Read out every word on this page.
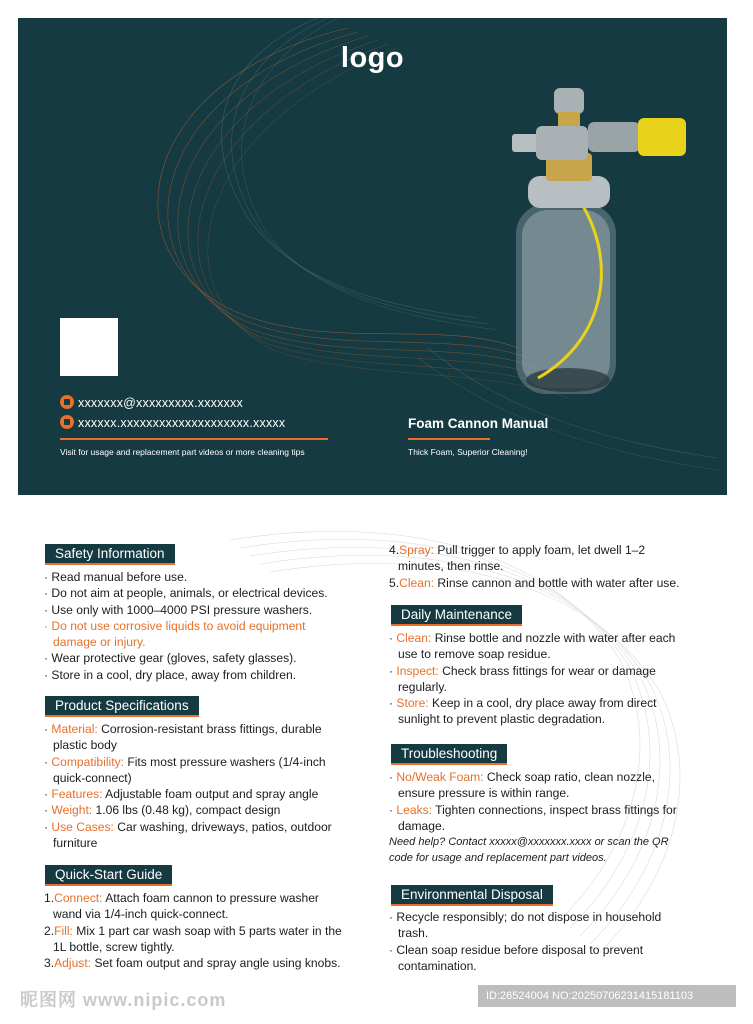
logo
xxxxxxx@xxxxxxxxx.xxxxxxx
xxxxxx.xxxxxxxxxxxxxxxxxxxx.xxxxx
Visit for usage and replacement part videos or more cleaning tips
Foam Cannon Manual
Thick Foam, Superior Cleaning!
Safety Information
· Read manual before use.
· Do not aim at people, animals, or electrical devices.
· Use only with 1000–4000 PSI pressure washers.
· Do not use corrosive liquids to avoid equipment
damage or injury.
· Wear protective gear (gloves, safety glasses).
· Store in a cool, dry place, away from children.
Product Specifications
· Material: Corrosion-resistant brass fittings, durable
plastic body
· Compatibility: Fits most pressure washers (1/4-inch
quick-connect)
· Features: Adjustable foam output and spray angle
· Weight: 1.06 lbs (0.48 kg), compact design
· Use Cases: Car washing, driveways, patios, outdoor
furniture
Quick-Start Guide
1.Connect: Attach foam cannon to pressure washer
wand via 1/4-inch quick-connect.
2.Fill: Mix 1 part car wash soap with 5 parts water in the
1L bottle, screw tightly.
3.Adjust: Set foam output and spray angle using knobs.
4.Spray: Pull trigger to apply foam, let dwell 1–2
minutes, then rinse.
5.Clean: Rinse cannon and bottle with water after use.
Daily Maintenance
· Clean: Rinse bottle and nozzle with water after each
use to remove soap residue.
· Inspect: Check brass fittings for wear or damage
regularly.
· Store: Keep in a cool, dry place away from direct
sunlight to prevent plastic degradation.
Troubleshooting
· No/Weak Foam: Check soap ratio, clean nozzle,
ensure pressure is within range.
· Leaks: Tighten connections, inspect brass fittings for
damage.
Need help? Contact xxxxx@xxxxxxx.xxxx or scan the QR
code for usage and replacement part videos.
Environmental Disposal
· Recycle responsibly; do not dispose in household
trash.
· Clean soap residue before disposal to prevent
contamination.
昵图网 www.nipic.com	ID:26524004 NO:20250706231415181103
